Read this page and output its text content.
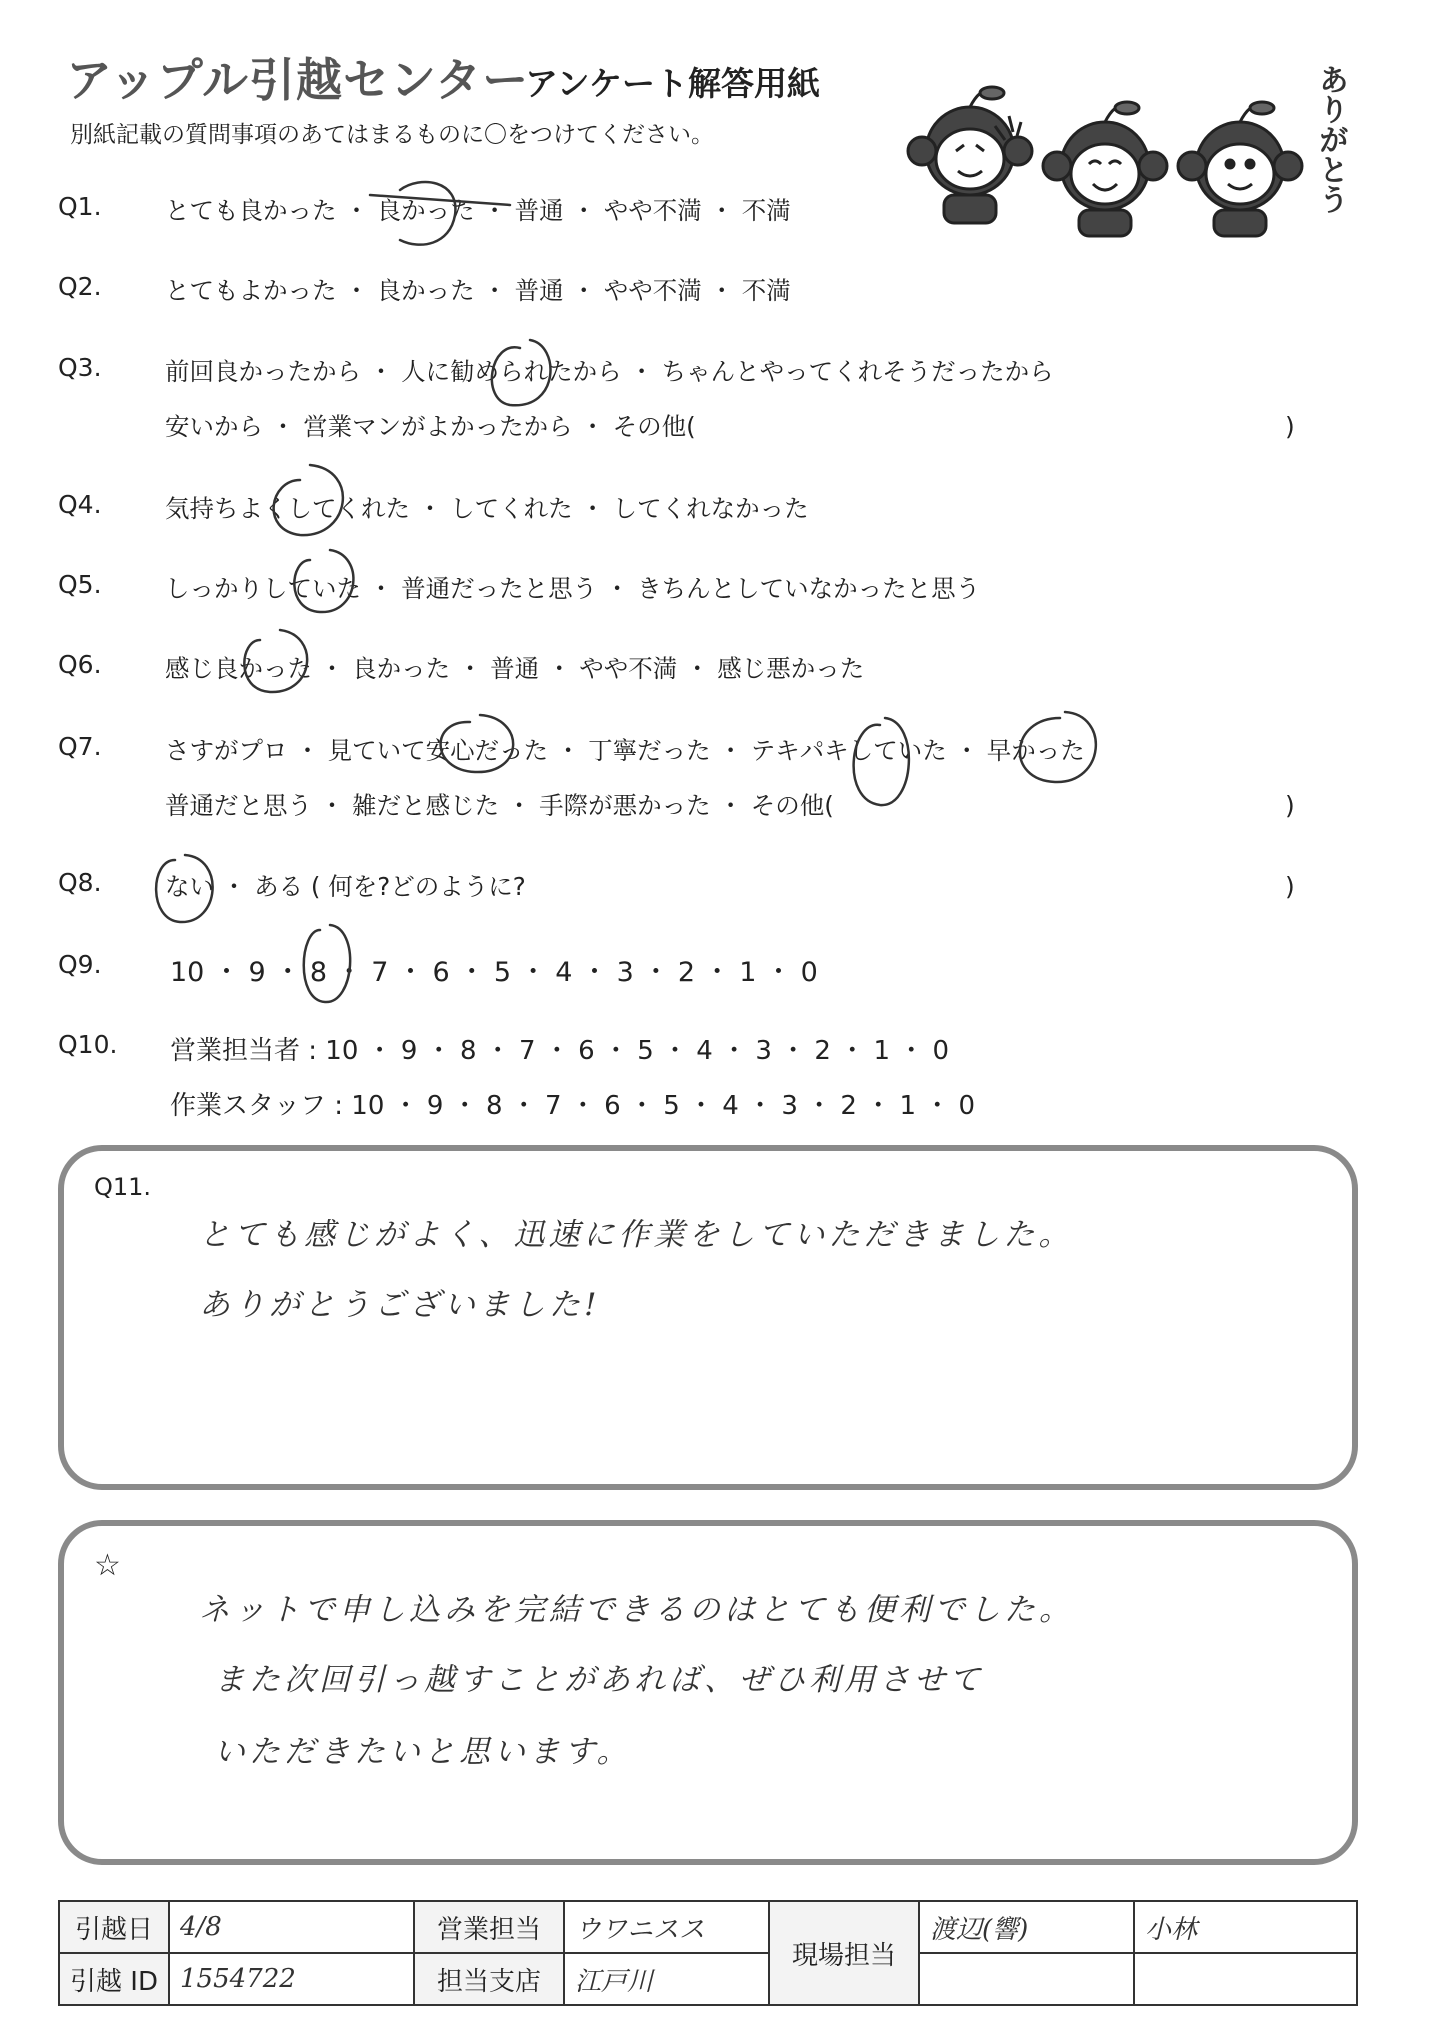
アップル引越センター
アンケート解答用紙
別紙記載の質問事項のあてはまるものに〇をつけてください。	ありがとう
Q1.	とても良かった ・ 良かった ・ 普通 ・ やや不満 ・ 不満
Q2.	とてもよかった ・ 良かった ・ 普通 ・ やや不満 ・ 不満
Q3.	前回良かったから ・ 人に勧められたから ・ ちゃんとやってくれそうだったから
安いから ・ 営業マンがよかったから ・ その他(	)
Q4.	気持ちよくしてくれた ・ してくれた ・ してくれなかった
Q5.	しっかりしていた ・ 普通だったと思う ・ きちんとしていなかったと思う
Q6.	感じ良かった ・ 良かった ・ 普通 ・ やや不満 ・ 感じ悪かった
Q7.	さすがプロ ・ 見ていて安心だった ・ 丁寧だった ・ テキパキしていた ・ 早かった
普通だと思う ・ 雑だと感じた ・ 手際が悪かった ・ その他(	)
Q8.	ない ・ ある ( 何を?どのように?	)
Q9.	10 ・ 9 ・ 8 ・ 7 ・ 6 ・ 5 ・ 4 ・ 3 ・ 2 ・ 1 ・ 0
Q10. 営業担当者 : 10 ・ 9 ・ 8 ・ 7 ・ 6 ・ 5 ・ 4 ・ 3 ・ 2 ・ 1 ・ 0
作業スタッフ : 10 ・ 9 ・ 8 ・ 7 ・ 6 ・ 5 ・ 4 ・ 3 ・ 2 ・ 1 ・ 0
Q11.
とても感じがよく、迅速に作業をしていただきました。
ありがとうございました!
☆
ネットで申し込みを完結できるのはとても便利でした。
また次回引っ越すことがあれば、ぜひ利用させて
いただきたいと思います。
引越日	4/8	営業担当	ウワニスス	現場担当	渡辺(響)	小林
引越 ID	1554722	担当支店	江戸川			
